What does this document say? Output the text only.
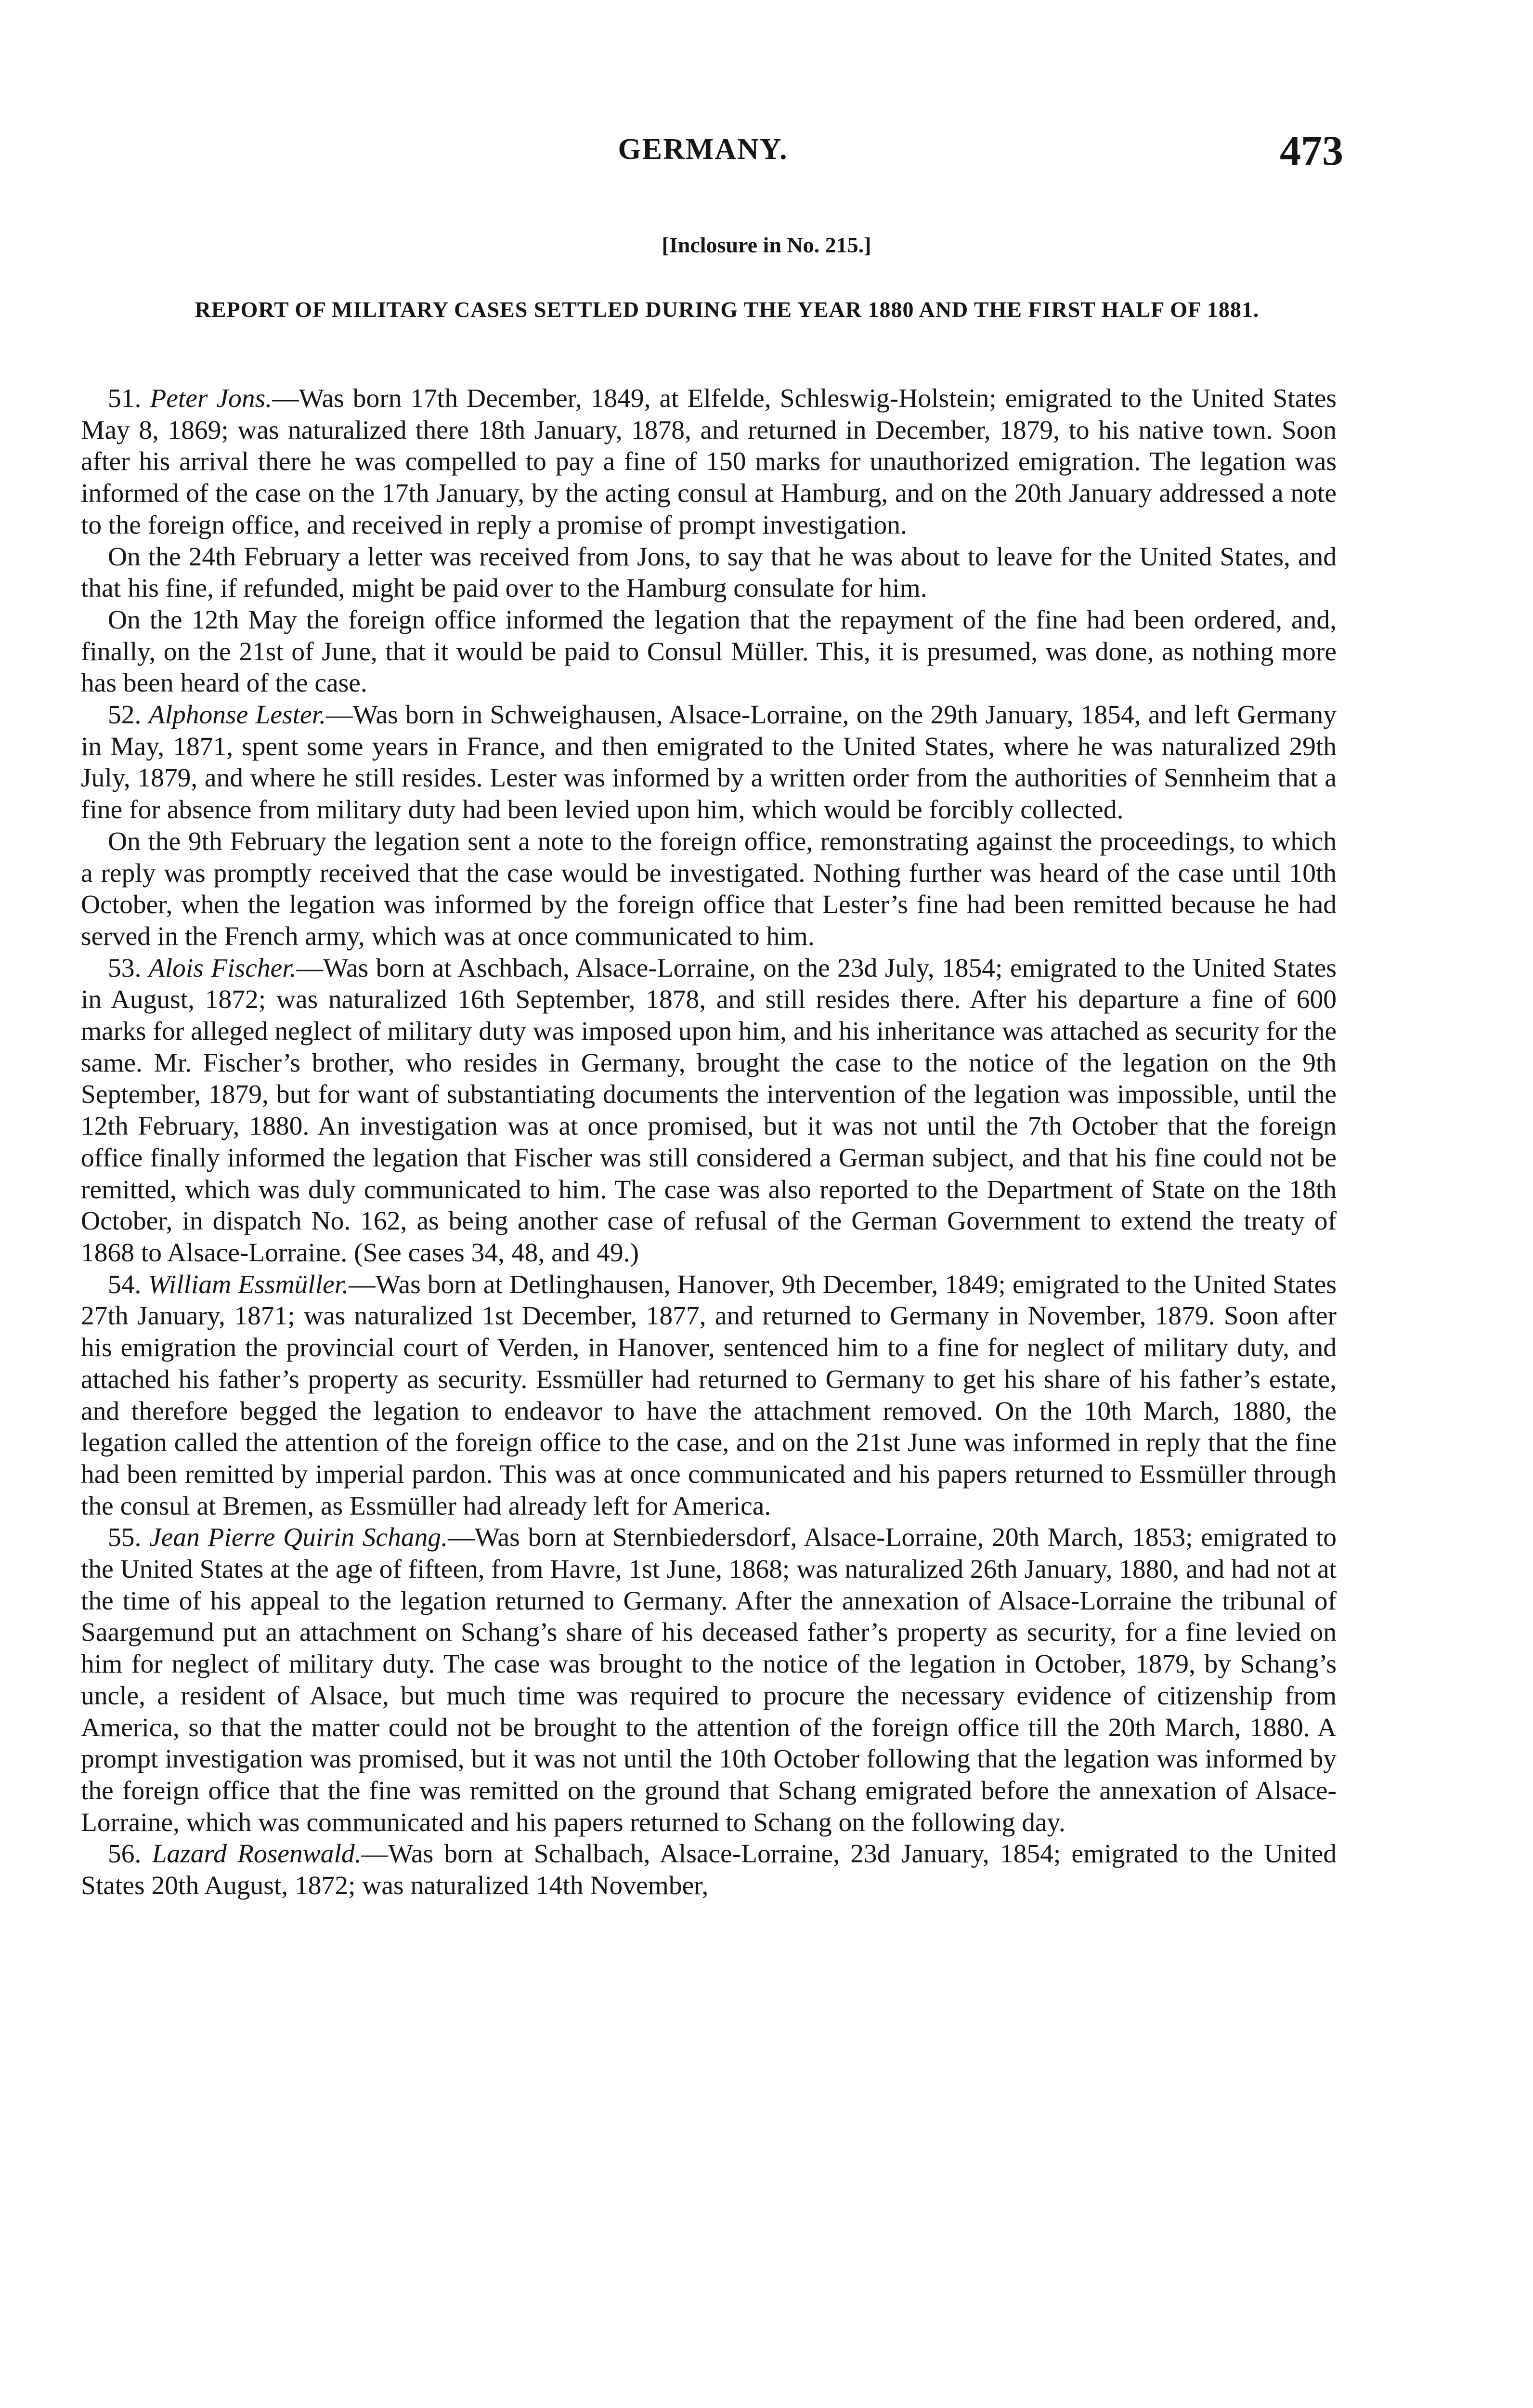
GERMANY.	473
[Inclosure in No. 215.]
REPORT OF MILITARY CASES SETTLED DURING THE YEAR 1880 AND THE FIRST HALF OF 1881.

51. Peter Jons.—Was born 17th December, 1849, at Elfelde, Schleswig-Holstein; emigrated to the United States May 8, 1869; was naturalized there 18th January, 1878, and returned in December, 1879, to his native town. Soon after his arrival there he was compelled to pay a fine of 150 marks for unauthorized emigration. The legation was informed of the case on the 17th January, by the acting consul at Hamburg, and on the 20th January addressed a note to the foreign office, and received in reply a promise of prompt investigation.

On the 24th February a letter was received from Jons, to say that he was about to leave for the United States, and that his fine, if refunded, might be paid over to the Hamburg consulate for him.

On the 12th May the foreign office informed the legation that the repayment of the fine had been ordered, and, finally, on the 21st of June, that it would be paid to Consul Müller. This, it is presumed, was done, as nothing more has been heard of the case.

52. Alphonse Lester.—Was born in Schweighausen, Alsace-Lorraine, on the 29th January, 1854, and left Germany in May, 1871, spent some years in France, and then emigrated to the United States, where he was naturalized 29th July, 1879, and where he still resides. Lester was informed by a written order from the authorities of Sennheim that a fine for absence from military duty had been levied upon him, which would be forcibly collected.

On the 9th February the legation sent a note to the foreign office, remonstrating against the proceedings, to which a reply was promptly received that the case would be investigated. Nothing further was heard of the case until 10th October, when the legation was informed by the foreign office that Lester’s fine had been remitted because he had served in the French army, which was at once communicated to him.

53. Alois Fischer.—Was born at Aschbach, Alsace-Lorraine, on the 23d July, 1854; emigrated to the United States in August, 1872; was naturalized 16th September, 1878, and still resides there. After his departure a fine of 600 marks for alleged neglect of military duty was imposed upon him, and his inheritance was attached as security for the same. Mr. Fischer’s brother, who resides in Germany, brought the case to the notice of the legation on the 9th September, 1879, but for want of substantiating documents the intervention of the legation was impossible, until the 12th February, 1880. An investigation was at once promised, but it was not until the 7th October that the foreign office finally informed the legation that Fischer was still considered a German subject, and that his fine could not be remitted, which was duly communicated to him. The case was also reported to the Department of State on the 18th October, in dispatch No. 162, as being another case of refusal of the German Government to extend the treaty of 1868 to Alsace-Lorraine. (See cases 34, 48, and 49.)

54. William Essmüller.—Was born at Detlinghausen, Hanover, 9th December, 1849; emigrated to the United States 27th January, 1871; was naturalized 1st December, 1877, and returned to Germany in November, 1879. Soon after his emigration the provincial court of Verden, in Hanover, sentenced him to a fine for neglect of military duty, and attached his father’s property as security. Essmüller had returned to Germany to get his share of his father’s estate, and therefore begged the legation to endeavor to have the attachment removed. On the 10th March, 1880, the legation called the attention of the foreign office to the case, and on the 21st June was informed in reply that the fine had been remitted by imperial pardon. This was at once communicated and his papers returned to Essmüller through the consul at Bremen, as Essmüller had already left for America.

55. Jean Pierre Quirin Schang.—Was born at Sternbiedersdorf, Alsace-Lorraine, 20th March, 1853; emigrated to the United States at the age of fifteen, from Havre, 1st June, 1868; was naturalized 26th January, 1880, and had not at the time of his appeal to the legation returned to Germany. After the annexation of Alsace-Lorraine the tribunal of Saargemund put an attachment on Schang’s share of his deceased father’s property as security, for a fine levied on him for neglect of military duty. The case was brought to the notice of the legation in October, 1879, by Schang’s uncle, a resident of Alsace, but much time was required to procure the necessary evidence of citizenship from America, so that the matter could not be brought to the attention of the foreign office till the 20th March, 1880. A prompt investigation was promised, but it was not until the 10th October following that the legation was informed by the foreign office that the fine was remitted on the ground that Schang emigrated before the annexation of Alsace-Lorraine, which was communicated and his papers returned to Schang on the following day.

56. Lazard Rosenwald.—Was born at Schalbach, Alsace-Lorraine, 23d January, 1854; emigrated to the United States 20th August, 1872; was naturalized 14th November,
